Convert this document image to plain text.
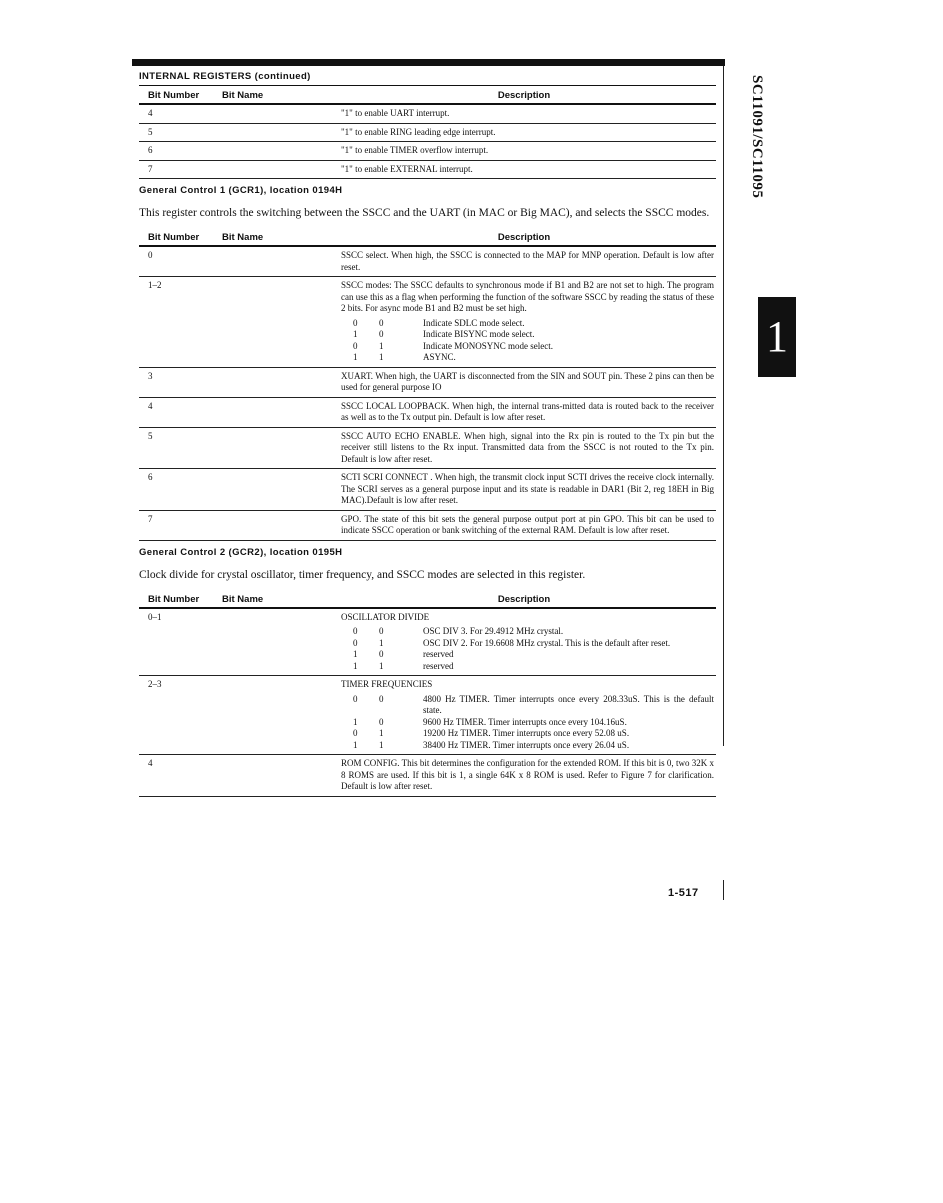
SC11091/SC11095
1
1-517
INTERNAL REGISTERS (continued)
Bit Number	Bit Name	Description
4	"1" to enable UART interrupt.

5	"1" to enable RING leading edge interrupt.

6	"1" to enable TIMER overflow interrupt.

7	"1" to enable EXTERNAL interrupt.
General Control 1 (GCR1), location 0194H
This register controls the switching between the SSCC and the UART (in MAC or Big MAC), and selects the SSCC modes.
Bit Number	Bit Name	Description
0	SSCC select. When high, the SSCC is connected to the MAP for MNP operation. Default is low after reset.

1–2	SSCC modes: The SSCC defaults to synchronous mode if B1 and B2 are not set to high. The program can use this as a flag when performing the function of the software SSCC by reading the status of these 2 bits. For async mode B1 and B2 must be set high.
0	0	Indicate SDLC mode select.
1	0	Indicate BISYNC mode select.
0	1	Indicate MONOSYNC mode select.
1	1	ASYNC.

3	XUART. When high, the UART is disconnected from the SIN and SOUT pin. These 2 pins can then be used for general purpose IO

4	SSCC LOCAL LOOPBACK. When high, the internal trans-mitted data is routed back to the receiver as well as to the Tx output pin. Default is low after reset.

5	SSCC AUTO ECHO ENABLE. When high, signal into the Rx pin is routed to the Tx pin but the receiver still listens to the Rx input. Transmitted data from the SSCC is not routed to the Tx pin. Default is low after reset.

6	SCTI SCRI CONNECT . When high, the transmit clock input SCTI drives the receive clock internally. The SCRI serves as a general purpose input and its state is readable in DAR1 (Bit 2, reg 18EH in Big MAC).Default is low after reset.

7	GPO. The state of this bit sets the general purpose output port at pin GPO. This bit can be used to indicate SSCC operation or bank switching of the external RAM. Default is low after reset.
General Control 2 (GCR2), location 0195H
Clock divide for crystal oscillator, timer frequency, and SSCC modes are selected in this register.
Bit Number	Bit Name	Description
0–1	OSCILLATOR DIVIDE
0	0	OSC DIV 3. For 29.4912 MHz crystal.
0	1	OSC DIV 2. For 19.6608 MHz crystal. This is the default after reset.
1	0	reserved
1	1	reserved

2–3	TIMER FREQUENCIES
0	0	4800 Hz TIMER. Timer interrupts once every 208.33uS. This is the default state.
1	0	9600 Hz TIMER. Timer interrupts once every 104.16uS.
0	1	19200 Hz TIMER. Timer interrupts once every 52.08 uS.
1	1	38400 Hz TIMER. Timer interrupts once every 26.04 uS.

4	ROM CONFIG. This bit determines the configuration for the extended ROM. If this bit is 0, two 32K x 8 ROMS are used. If this bit is 1, a single 64K x 8 ROM is used. Refer to Figure 7 for clarification. Default is low after reset.
